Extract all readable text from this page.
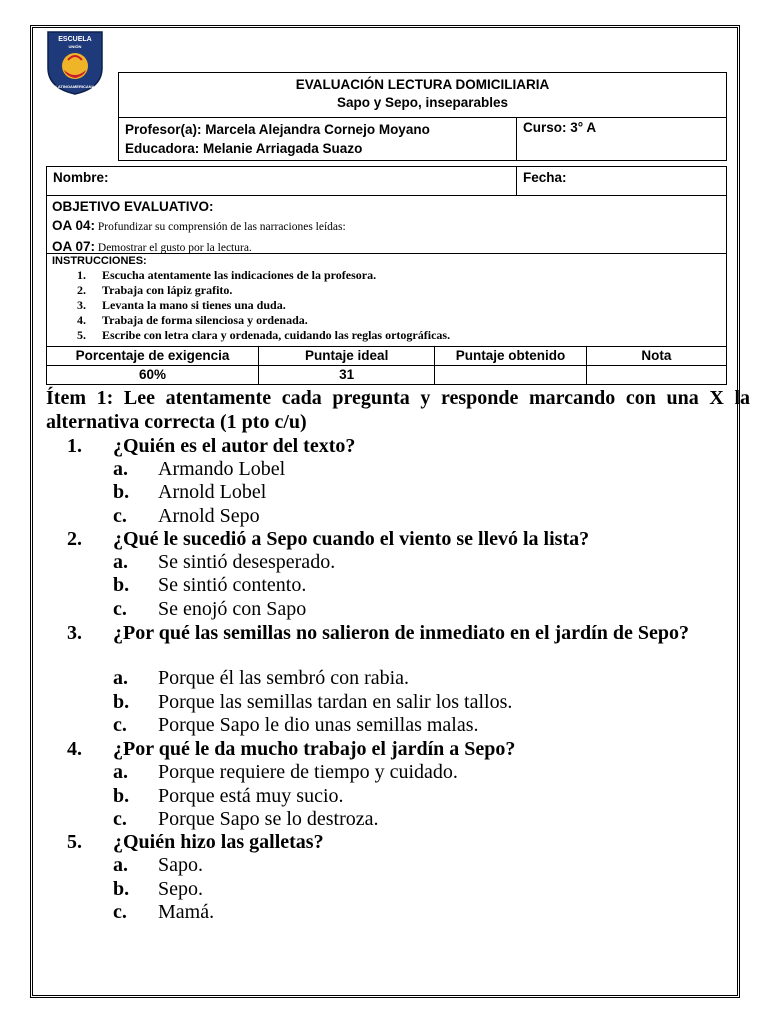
ESCUELA
UNIÓN
LATINOAMERICANA	EVALUACIÓN LECTURA DOMICILIARIA
Sapo y Sepo, inseparables
Profesor(a): Marcela Alejandra Cornejo Moyano
Educadora: Melanie Arriagada Suazo
Curso: 3° A
Nombre:	Fecha:
OBJETIVO EVALUATIVO:
OA 04: Profundizar su comprensión de las narraciones leídas:
OA 07: Demostrar el gusto por la lectura.
INSTRUCCIONES:
1. Escucha atentamente las indicaciones de la profesora.
2. Trabaja con lápiz grafito.
3. Levanta la mano si tienes una duda.
4. Trabaja de forma silenciosa y ordenada.
5. Escribe con letra clara y ordenada, cuidando las reglas ortográficas.
Porcentaje de exigencia	Puntaje ideal	Puntaje obtenido	Nota
60%	31		
Ítem 1: Lee atentamente cada pregunta y responde marcando con una X la alternativa correcta (1 pto c/u)
1.	¿Quién es el autor del texto?
a. Armando Lobel
b. Arnold Lobel
c. Arnold Sepo
2.	¿Qué le sucedió a Sepo cuando el viento se llevó la lista?
a. Se sintió desesperado.
b. Se sintió contento.
c. Se enojó con Sapo
3.	¿Por qué las semillas no salieron de inmediato en el jardín de Sepo?
a. Porque él las sembró con rabia.
b. Porque las semillas tardan en salir los tallos.
c. Porque Sapo le dio unas semillas malas.
4.	¿Por qué le da mucho trabajo el jardín a Sepo?
a. Porque requiere de tiempo y cuidado.
b. Porque está muy sucio.
c. Porque Sapo se lo destroza.
5.	¿Quién hizo las galletas?
a. Sapo.
b. Sepo.
c. Mamá.
